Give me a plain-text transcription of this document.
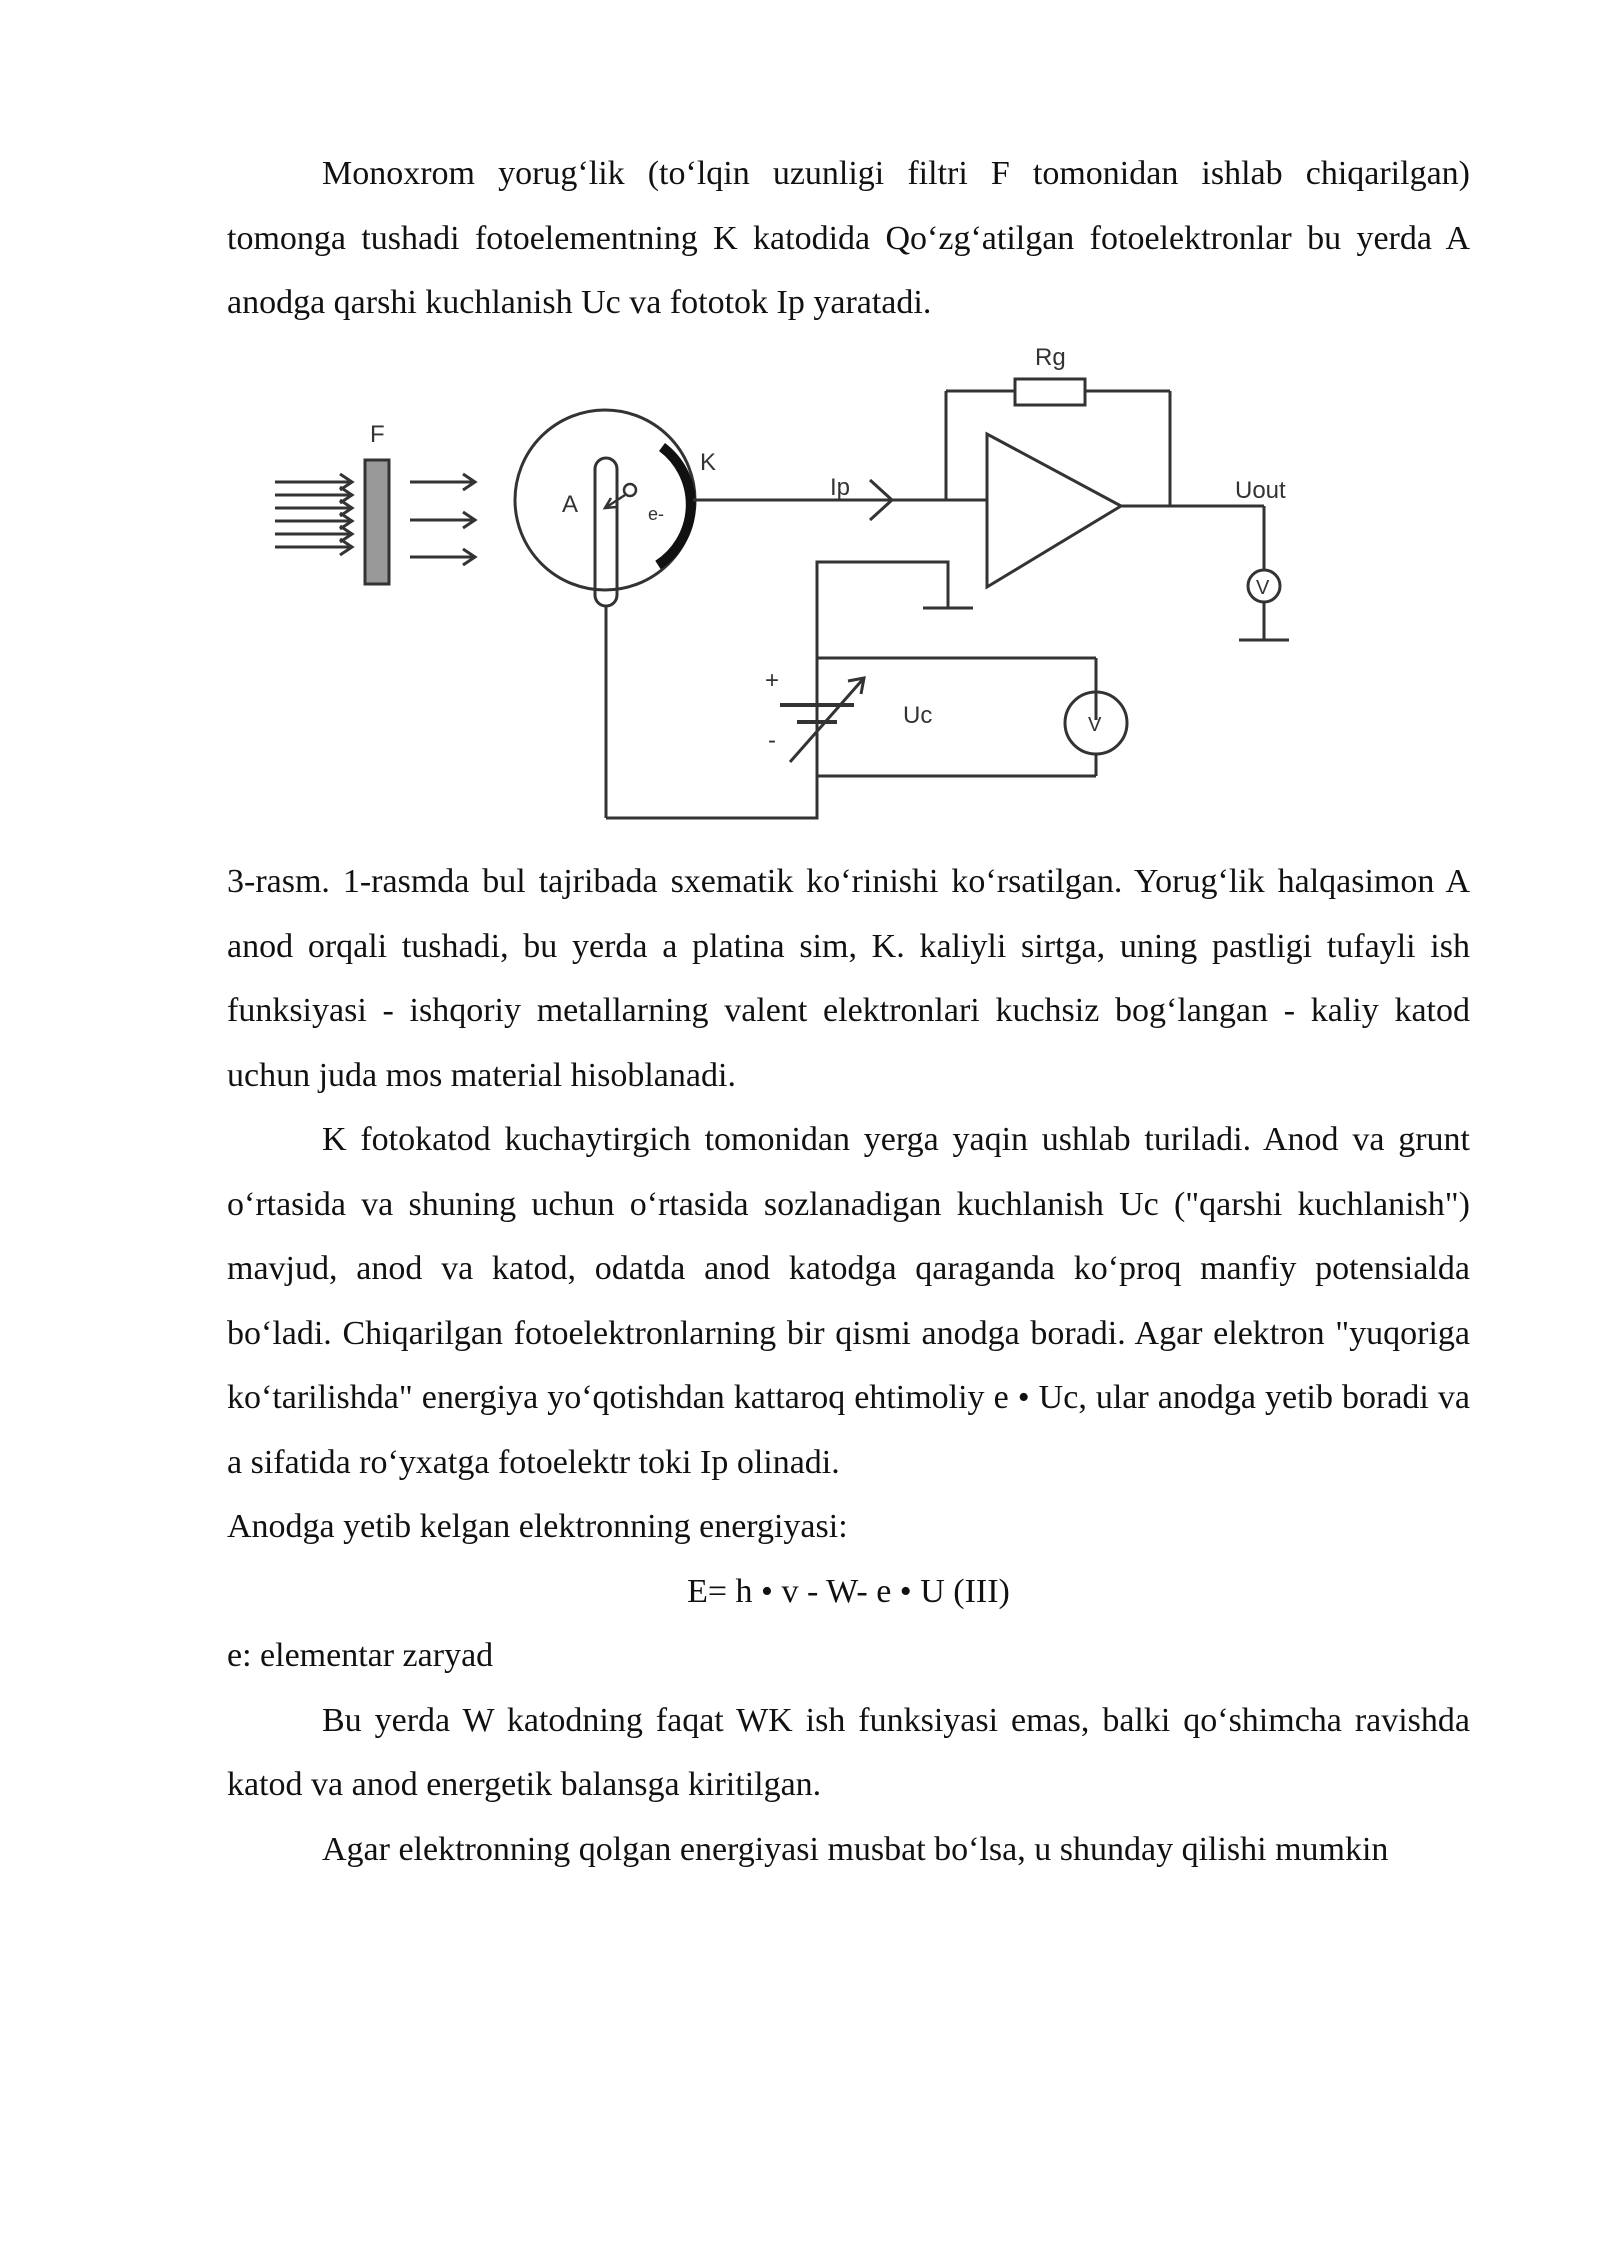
Monoxrom yorug‘lik (to‘lqin uzunligi filtri F tomonidan ishlab chiqarilgan) tomonga tushadi fotoelementning K katodida Qo‘zg‘atilgan fotoelektronlar bu yerda A anodga qarshi kuchlanish Uc va fototok Ip yaratadi.

F
A
K
e-
Ip
Rg
Uout
V
V
Uc
+
-

3-rasm. 1-rasmda bul tajribada sxematik ko‘rinishi ko‘rsatilgan. Yorug‘lik halqasimon A anod orqali tushadi, bu yerda a platina sim, K. kaliyli sirtga, uning pastligi tufayli ish funksiyasi - ishqoriy metallarning valent elektronlari kuchsiz bog‘langan - kaliy katod uchun juda mos material hisoblanadi.

K fotokatod kuchaytirgich tomonidan yerga yaqin ushlab turiladi. Anod va grunt o‘rtasida va shuning uchun o‘rtasida sozlanadigan kuchlanish Uc ("qarshi kuchlanish") mavjud, anod va katod, odatda anod katodga qaraganda ko‘proq manfiy potensialda bo‘ladi. Chiqarilgan fotoelektronlarning bir qismi anodga boradi. Agar elektron "yuqoriga ko‘tarilishda" energiya yo‘qotishdan kattaroq ehtimoliy e • Uc, ular anodga yetib boradi va a sifatida ro‘yxatga fotoelektr toki Ip olinadi.

Anodga yetib kelgan elektronning energiyasi:

E= h • v - W- e • U (III)

e: elementar zaryad

Bu yerda W katodning faqat WK ish funksiyasi emas, balki qo‘shimcha ravishda katod va anod energetik balansga kiritilgan.

Agar elektronning qolgan energiyasi musbat bo‘lsa, u shunday qilishi mumkin
